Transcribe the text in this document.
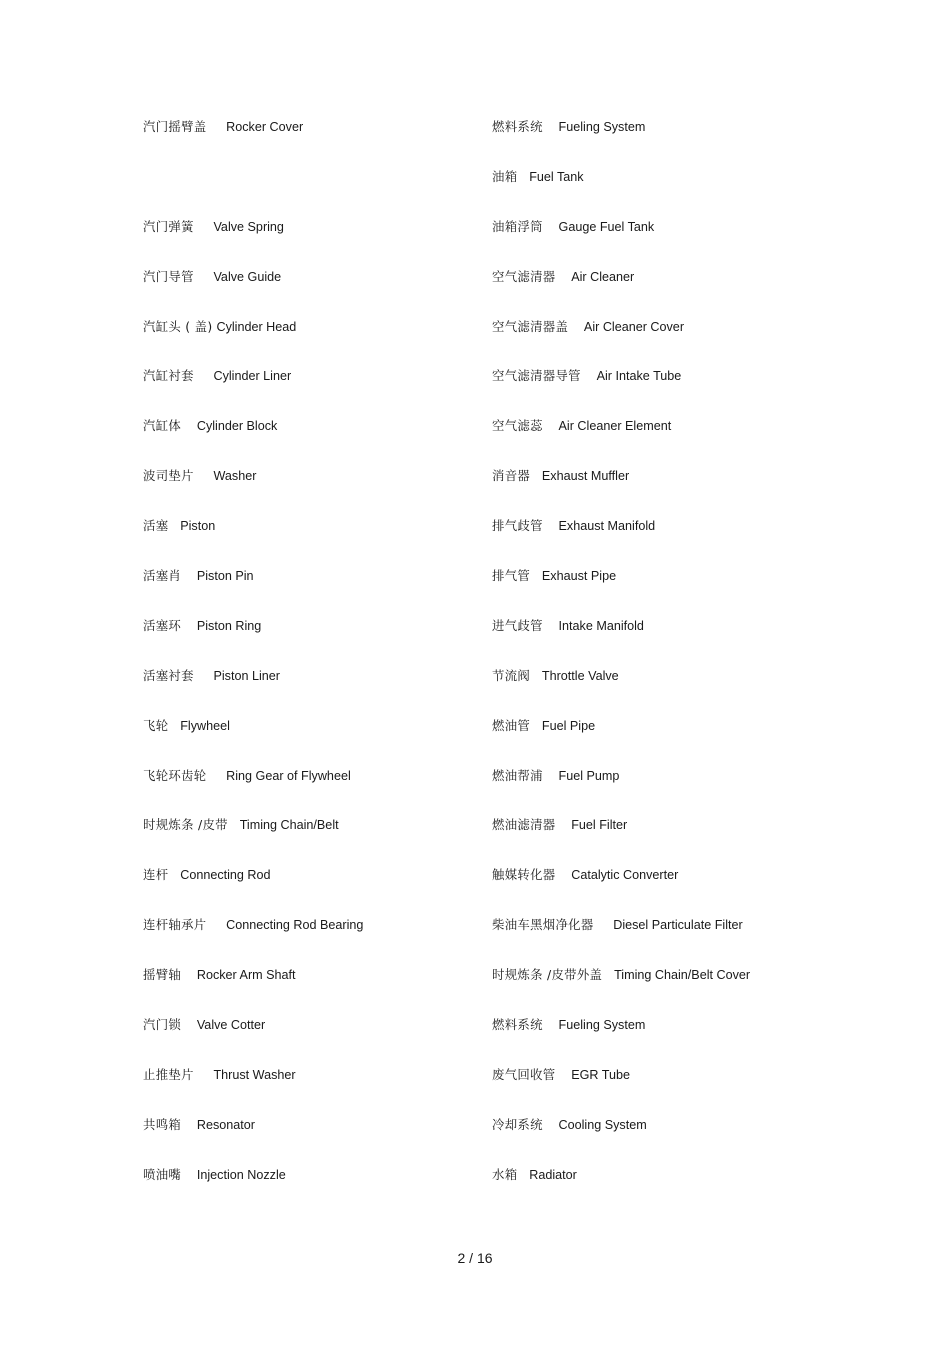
汽门摇臂盖 Rocker Cover
汽门弹簧 Valve Spring
汽门导管 Valve Guide
汽缸头 ( 盖) Cylinder Head
汽缸衬套 Cylinder Liner
汽缸体 Cylinder Block
波司垫片 Washer
活塞 Piston
活塞肖 Piston Pin
活塞环 Piston Ring
活塞衬套 Piston Liner
飞轮 Flywheel
飞轮环齿轮 Ring Gear of Flywheel
时规炼条 /皮带 Timing Chain/Belt
连杆 Connecting Rod
连杆轴承片 Connecting Rod Bearing
摇臂轴 Rocker Arm Shaft
汽门锁 Valve Cotter
止推垫片 Thrust Washer
共鸣箱 Resonator
喷油嘴 Injection Nozzle
燃料系统 Fueling System
油箱 Fuel Tank
油箱浮筒 Gauge Fuel Tank
空气滤清器 Air Cleaner
空气滤清器盖 Air Cleaner Cover
空气滤清器导管 Air Intake Tube
空气滤蕊 Air Cleaner Element
消音器 Exhaust Muffler
排气歧管 Exhaust Manifold
排气管 Exhaust Pipe
进气歧管 Intake Manifold
节流阀 Throttle Valve
燃油管 Fuel Pipe
燃油帮浦 Fuel Pump
燃油滤清器 Fuel Filter
触媒转化器 Catalytic Converter
柴油车黑烟净化器 Diesel Particulate Filter
时规炼条 /皮带外盖 Timing Chain/Belt Cover
燃料系统 Fueling System
废气回收管 EGR Tube
冷却系统 Cooling System
水箱 Radiator
2 / 16
